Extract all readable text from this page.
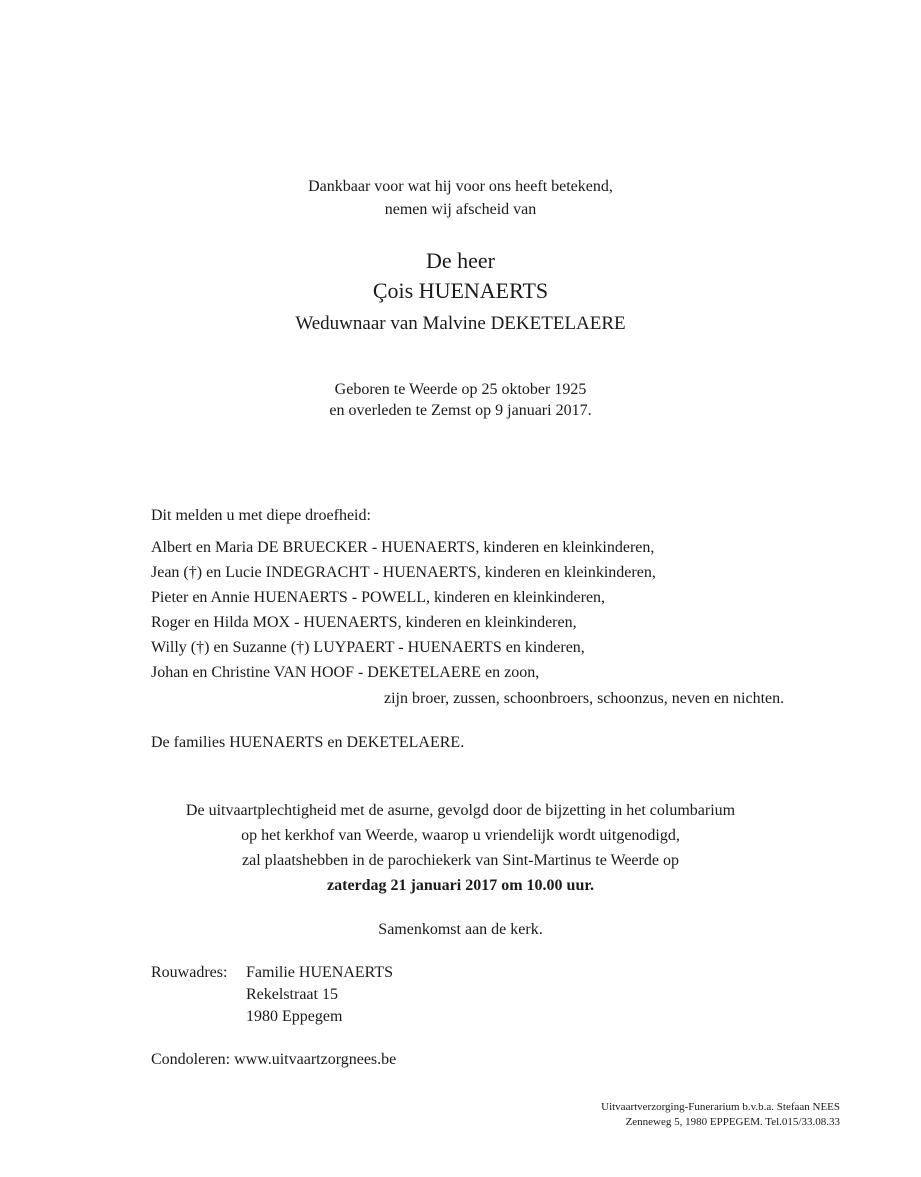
Dankbaar voor wat hij voor ons heeft betekend,
nemen wij afscheid van
De heer
Çois HUENAERTS
Weduwnaar van Malvine DEKETELAERE
Geboren te Weerde op 25 oktober 1925
en overleden te Zemst op 9 januari 2017.
Dit melden u met diepe droefheid:
Albert en Maria DE BRUECKER - HUENAERTS, kinderen en kleinkinderen,
Jean (†) en Lucie INDEGRACHT - HUENAERTS, kinderen en kleinkinderen,
Pieter en Annie HUENAERTS - POWELL, kinderen en kleinkinderen,
Roger en Hilda MOX - HUENAERTS, kinderen en kleinkinderen,
Willy (†) en Suzanne (†) LUYPAERT - HUENAERTS en kinderen,
Johan en Christine VAN HOOF - DEKETELAERE en zoon,
zijn broer, zussen, schoonbroers, schoonzus, neven en nichten.
De families HUENAERTS en DEKETELAERE.
De uitvaartplechtigheid met de asurne, gevolgd door de bijzetting in het columbarium
op het kerkhof van Weerde, waarop u vriendelijk wordt uitgenodigd,
zal plaatshebben in de parochiekerk van Sint-Martinus te Weerde op
zaterdag 21 januari 2017 om 10.00 uur.
Samenkomst aan de kerk.
Rouwadres: Familie HUENAERTS
Rekelstraat 15
1980 Eppegem
Condoleren: www.uitvaartzorgnees.be
Uitvaartverzorging-Funerarium b.v.b.a. Stefaan NEES
Zenneweg 5, 1980 EPPEGEM. Tel.015/33.08.33
